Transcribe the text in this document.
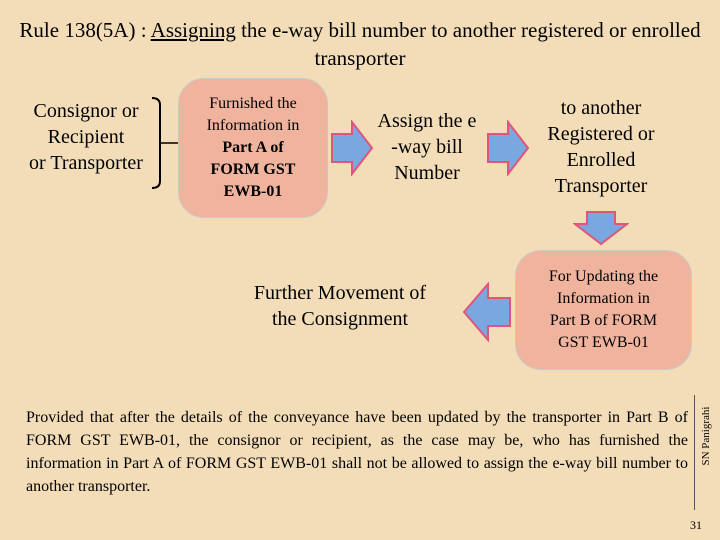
Rule 138(5A) : Assigning the e-way bill number to another registered or enrolled transporter
Consignor or
Recipient
or Transporter
Furnished the
Information in
Part A of
FORM GST
EWB-01
Assign the e
-way bill
Number
to another
Registered or
Enrolled
Transporter
For Updating the
Information in
Part B of FORM
GST EWB-01
Further Movement of
the Consignment
Provided that after the details of the conveyance have been updated by the transporter in Part B of FORM GST EWB-01, the consignor or recipient, as the case may be, who has furnished the information in Part A of FORM GST EWB-01 shall not be allowed to assign the e-way bill number to another transporter.
SN Panigrahi
31
